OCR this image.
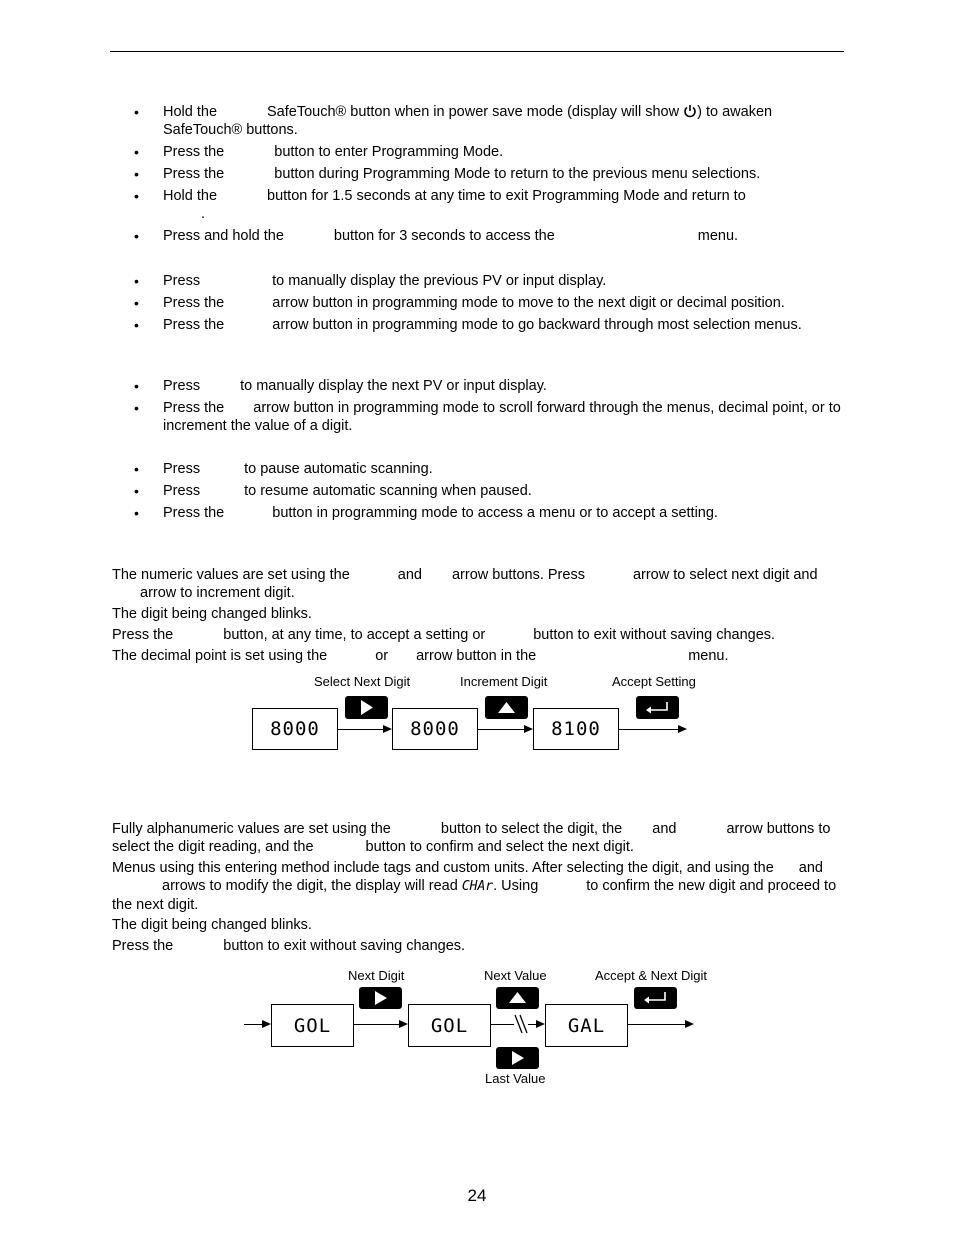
• Hold the	SafeTouch® button when in power save mode (display will show ) to awaken SafeTouch® buttons.
• Press the	button to enter Programming Mode.
• Press the	button during Programming Mode to return to the previous menu selections.
• Hold the	button for 1.5 seconds at any time to exit Programming Mode and return to
.
• Press and hold the	button for 3 seconds to access the	menu.
• Press	to manually display the previous PV or input display.
• Press the	arrow button in programming mode to move to the next digit or decimal position.
• Press the	arrow button in programming mode to go backward through most selection menus.
• Press	to manually display the next PV or input display.
• Press the arrow button in programming mode to scroll forward through the menus, decimal point, or to increment the value of a digit.
• Press	to pause automatic scanning.
• Press	to resume automatic scanning when paused.
• Press the	button in programming mode to access a menu or to accept a setting.

The numeric values are set using the	and arrow buttons. Press	arrow to select next digit andarrow to increment digit.

The digit being changed blinks.

Press the	button, at any time, to accept a setting or	button to exit without saving changes.

The decimal point is set using the	or arrow button in the	menu.

Select Next Digit	Increment Digit	Accept Setting
8000	8000	8100

Fully alphanumeric values are set using the	button to select the digit, the and	arrow buttons to select the digit reading, and the	button to confirm and select the next digit.

Menus using this entering method include tags and custom units. After selecting the digit, and using the andarrows to modify the digit, the display will read CHAr. Using	to confirm the new digit and proceed to the next digit.

The digit being changed blinks.

Press the	button to exit without saving changes.

Next Digit	Next Value	Accept & Next Digit
Last Value
GOL	GOL	GAL
24
